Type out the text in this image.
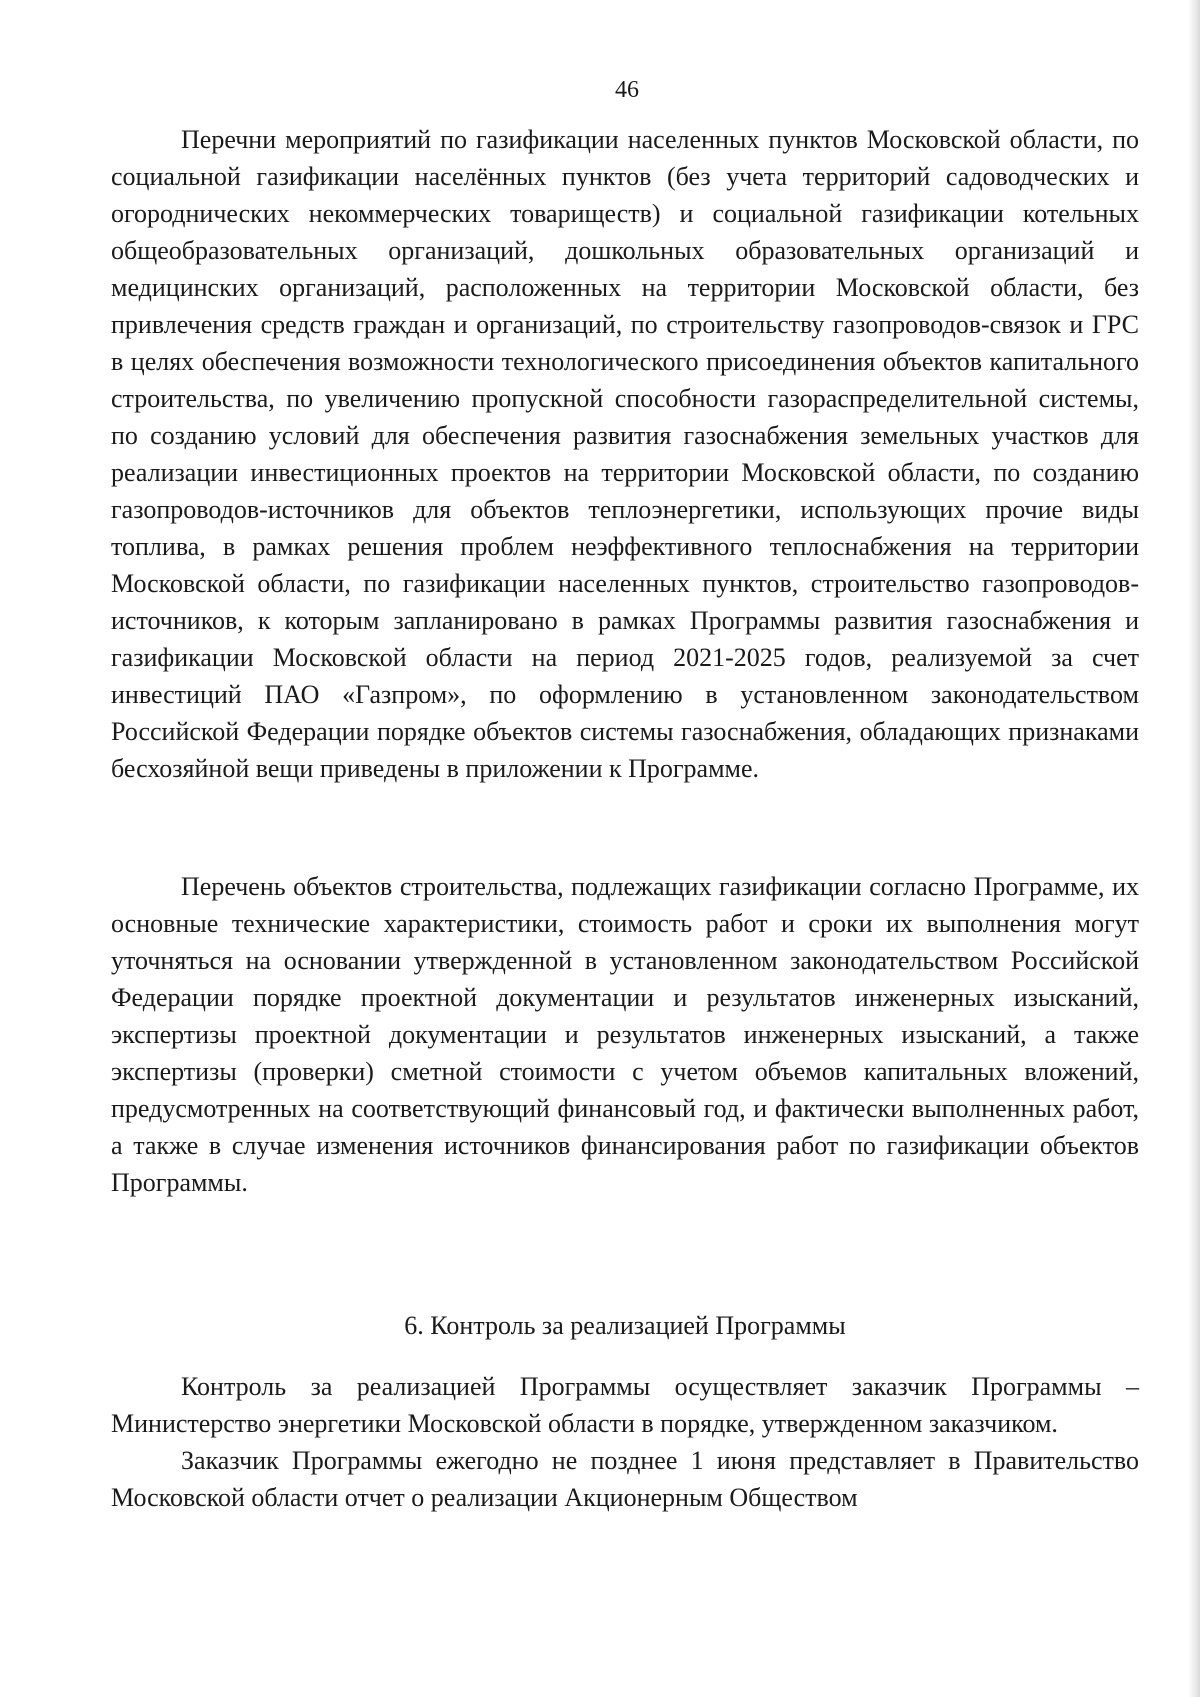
46

Перечни мероприятий по газификации населенных пунктов Московской области, по социальной газификации населённых пунктов (без учета территорий садоводческих и огороднических некоммерческих товариществ) и социальной газификации котельных общеобразовательных организаций, дошкольных образовательных организаций и медицинских организаций, расположенных на территории Московской области, без привлечения средств граждан и организаций, по строительству газопроводов-связок и ГРС в целях обеспечения возможности технологического присоединения объектов капитального строительства, по увеличению пропускной способности газораспределительной системы, по созданию условий для обеспечения развития газоснабжения земельных участков для реализации инвестиционных проектов на территории Московской области, по созданию газопроводов-источников для объектов теплоэнергетики, использующих прочие виды топлива, в рамках решения проблем неэффективного теплоснабжения на территории Московской области, по газификации населенных пунктов, строительство газопроводов-источников, к которым запланировано в рамках Программы развития газоснабжения и газификации Московской области на период 2021-2025 годов, реализуемой за счет инвестиций ПАО «Газпром», по оформлению в установленном законодательством Российской Федерации порядке объектов системы газоснабжения, обладающих признаками бесхозяйной вещи приведены в приложении к Программе.

Перечень объектов строительства, подлежащих газификации согласно Программе, их основные технические характеристики, стоимость работ и сроки их выполнения могут уточняться на основании утвержденной в установленном законодательством Российской Федерации порядке проектной документации и результатов инженерных изысканий, экспертизы проектной документации и результатов инженерных изысканий, а также экспертизы (проверки) сметной стоимости с учетом объемов капитальных вложений, предусмотренных на соответствующий финансовый год, и фактически выполненных работ, а также в случае изменения источников финансирования работ по газификации объектов Программы.

6. Контроль за реализацией Программы

Контроль за реализацией Программы осуществляет заказчик Программы – Министерство энергетики Московской области в порядке, утвержденном заказчиком.

Заказчик Программы ежегодно не позднее 1 июня представляет в Правительство Московской области отчет о реализации Акционерным Обществом
